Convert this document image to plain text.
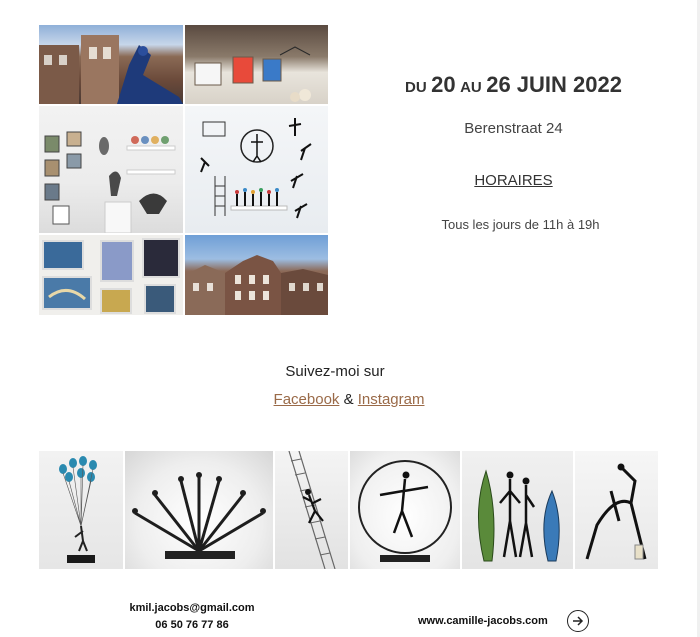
DU 20 AU 26 JUIN 2022
Berenstraat 24
HORAIRES
Tous les jours de 11h à 19h
Suivez-moi sur
Facebook & Instagram
kmil.jacobs@gmail.com
06 50 76 77 86	www.camille-jacobs.com
